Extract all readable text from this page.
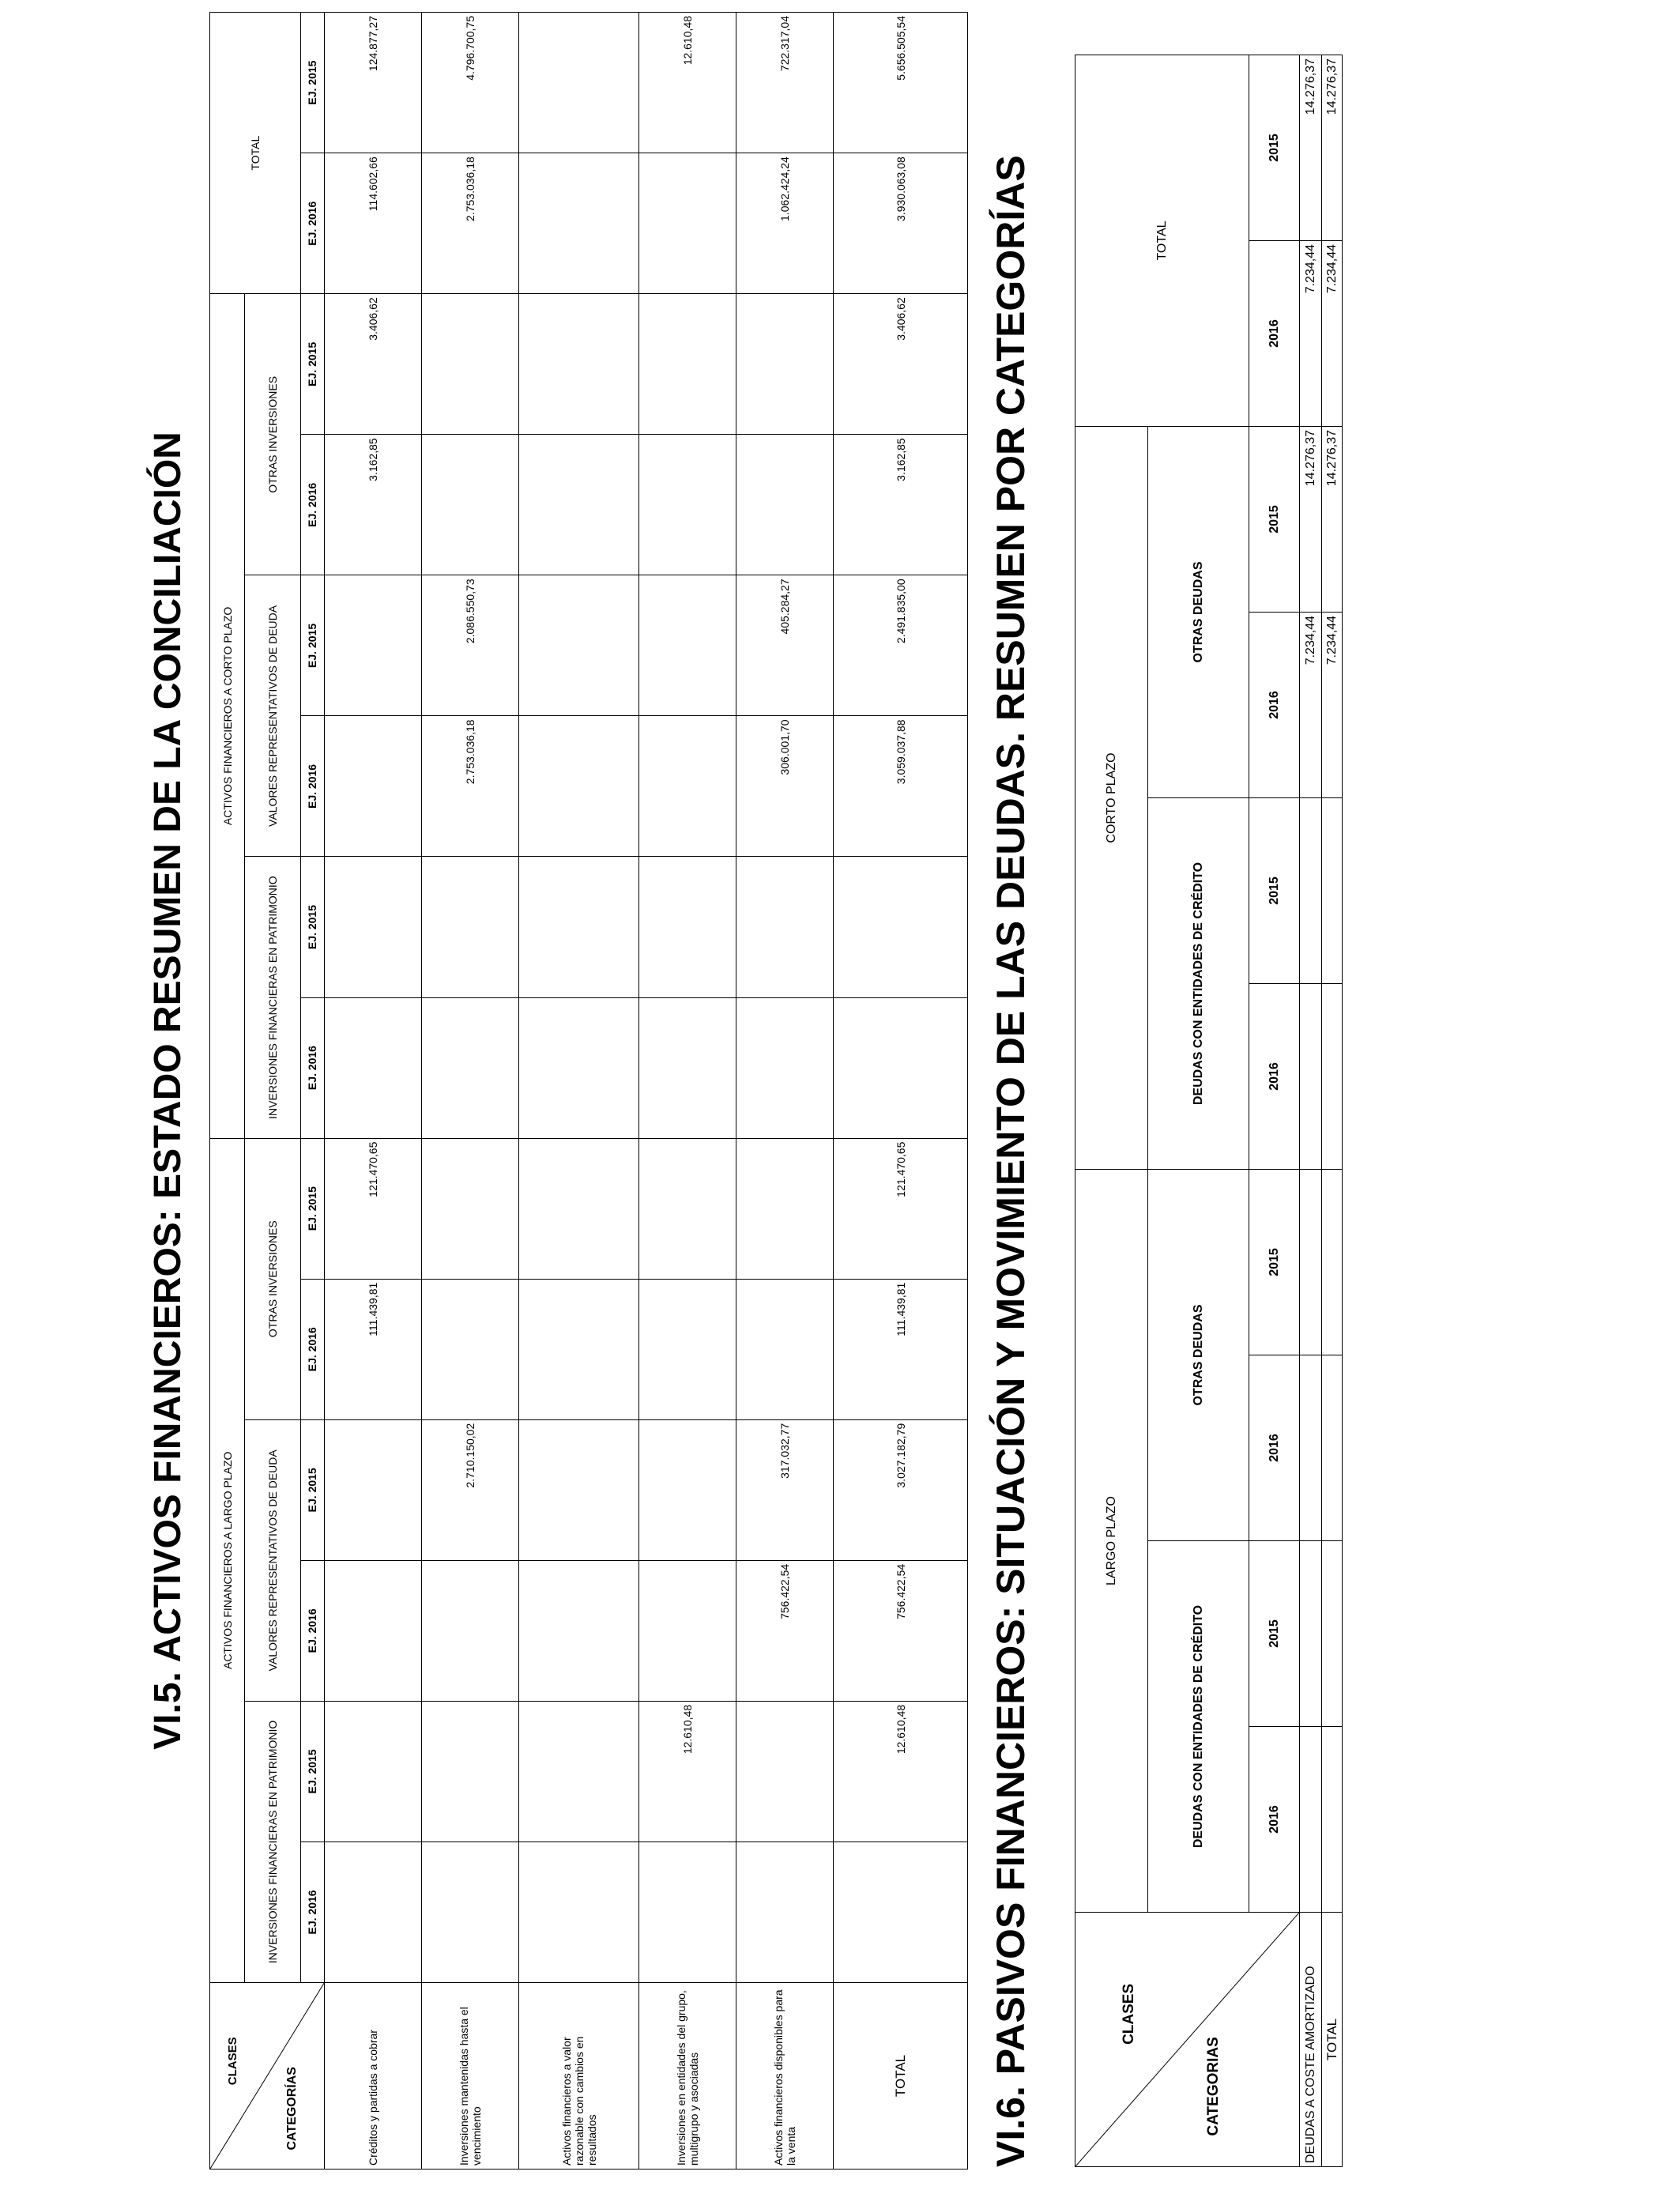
VI.5. ACTIVOS FINANCIEROS: ESTADO RESUMEN DE LA CONCILIACIÓN
CLASES
CATEGORÍAS	ACTIVOS FINANCIEROS A LARGO PLAZO						ACTIVOS FINANCIEROS A CORTO PLAZO						TOTAL	
	INVERSIONES FINANCIERAS EN PATRIMONIO		VALORES REPRESENTATIVOS DE DEUDA		OTRAS INVERSIONES		INVERSIONES FINANCIERAS EN PATRIMONIO		VALORES REPRESENTATIVOS DE DEUDA		OTRAS INVERSIONES			
	EJ. 2016	EJ. 2015	EJ. 2016	EJ. 2015	EJ. 2016	EJ. 2015	EJ. 2016	EJ. 2015	EJ. 2016	EJ. 2015	EJ. 2016	EJ. 2015	EJ. 2016	EJ. 2015
Créditos y partidas a cobrar					111.439,81	121.470,65					3.162,85	3.406,62	114.602,66	124.877,27
Inversiones mantenidas hasta el vencimiento				2.710.150,02					2.753.036,18	2.086.550,73			2.753.036,18	4.796.700,75
Activos financieros a valor razonable con cambios en resultados														
Inversiones en entidades del grupo, multigrupo y asociadas		12.610,48												12.610,48
Activos financieros disponibles para la venta			756.422,54	317.032,77					306.001,70	405.284,27			1.062.424,24	722.317,04
TOTAL		12.610,48	756.422,54	3.027.182,79	111.439,81	121.470,65			3.059.037,88	2.491.835,00	3.162,85	3.406,62	3.930.063,08	5.656.505,54
VI.6. PASIVOS FINANCIEROS: SITUACIÓN Y MOVIMIENTO DE LAS DEUDAS. RESUMEN POR CATEGORÍAS	CLASES
CATEGORIAS	LARGO PLAZO				CORTO PLAZO				TOTAL	
	DEUDAS CON ENTIDADES DE CRÉDITO		OTRAS DEUDAS		DEUDAS CON ENTIDADES DE CRÉDITO		OTRAS DEUDAS			
	2016	2015	2016	2015	2016	2015	2016	2015	2016	2015
DEUDAS A COSTE AMORTIZADO							7.234,44	14.276,37	7.234,44	14.276,37
TOTAL							7.234,44	14.276,37	7.234,44	14.276,37
